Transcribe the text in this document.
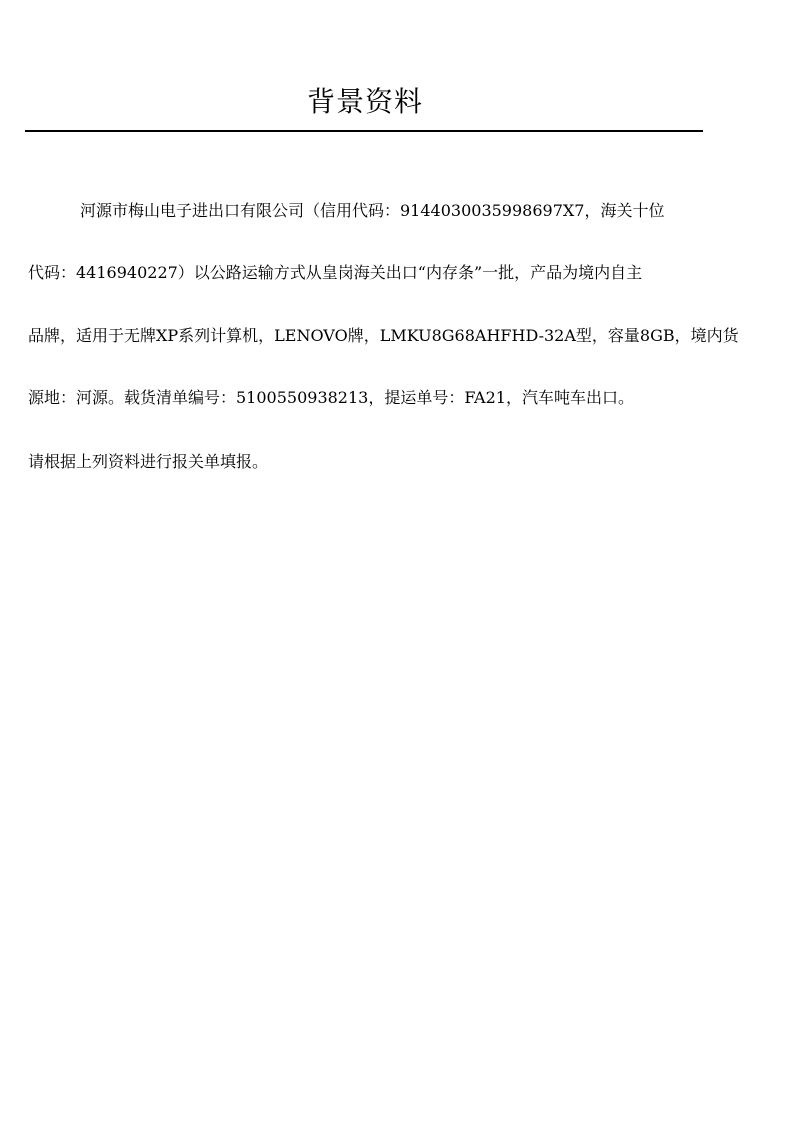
背景资料
河源市梅山电子进出口有限公司（信用代码：9144030035998697X7，海关十位
代码：4416940227）以公路运输方式从皇岗海关出口“内存条”一批，产品为境内自主
品牌，适用于无牌XP系列计算机，LENOVO牌，LMKU8G68AHFHD-32A型，容量8GB，境内货
源地：河源。载货清单编号：5100550938213，提运单号：FA21，汽车吨车出口。
请根据上列资料进行报关单填报。
